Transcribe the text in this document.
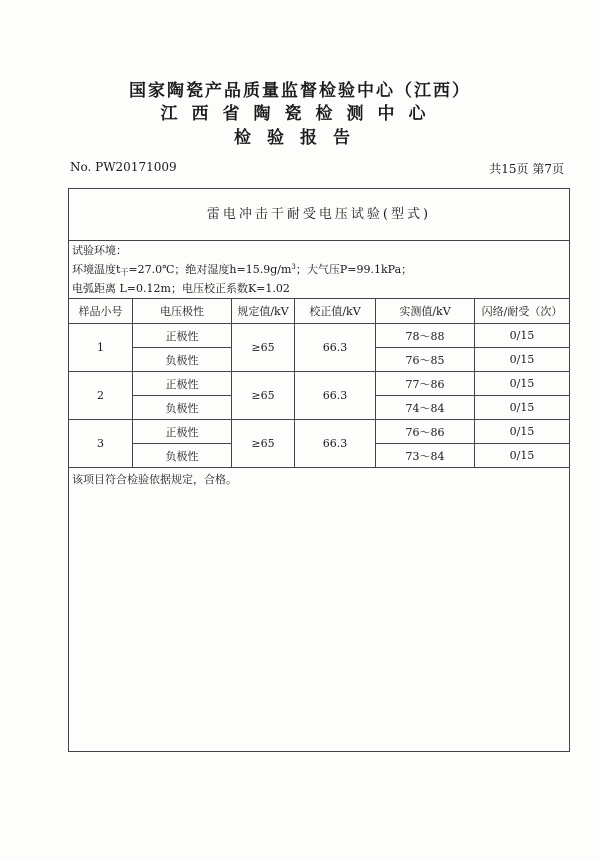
国家陶瓷产品质量监督检验中心（江西）
江西省陶瓷检测中心
检验报告
No. PW20171009	共15页 第7页
雷电冲击干耐受电压试验(型式)
试验环境：
环境温度$t_干=27.0℃$；绝对湿度$h=15.9g/m^3$；大气压P=99.1kPa；
电弧距离 L=0.12m；电压校正系数K=1.02
样品小号	电压极性	规定值/kV	校正值/kV	实测值/kV	闪络/耐受（次）
1	正极性	≥65	66.3	78～88	0/15
	负极性			76～85	0/15
2	正极性	≥65	66.3	77～86	0/15
	负极性			74～84	0/15
3	正极性	≥65	66.3	76～86	0/15
	负极性			73～84	0/15
该项目符合检验依据规定，合格。
